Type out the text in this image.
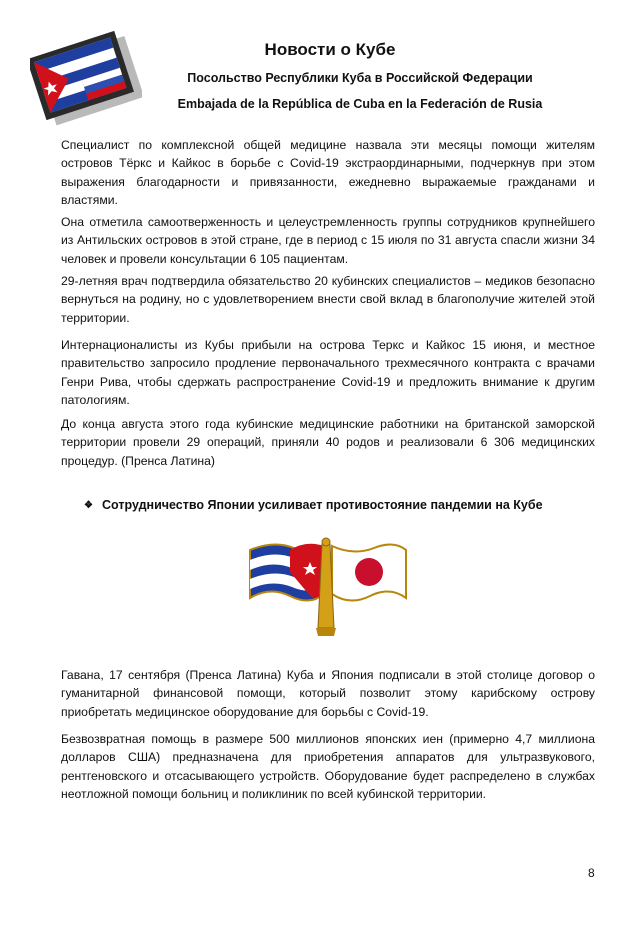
Новости о Кубе

Посольство Республики Куба в Российской Федерации

Embajada de la República de Cuba en la Federación de Rusia

Специалист по комплексной общей медицине назвала эти месяцы помощи жителям островов Тёркс и Кайкос в борьбе с Covid-19 экстраординарными, подчеркнув при этом выражения благодарности и привязанности, ежедневно выражаемые гражданами и властями.

Она отметила самоотверженность и целеустремленность группы сотрудников крупнейшего из Антильских островов в этой стране, где в период с 15 июля по 31 августа спасли жизни 34 человек и провели консультации 6 105 пациентам.

29-летняя врач подтвердила обязательство 20 кубинских специалистов – медиков безопасно вернуться на родину, но с удовлетворением внести свой вклад в благополучие жителей этой территории.

Интернационалисты из Кубы прибыли на острова Теркс и Кайкос 15 июня, и местное правительство запросило продление первоначального трехмесячного контракта с врачами Генри Рива, чтобы сдержать распространение Covid-19 и предложить внимание к другим патологиям.

До конца августа этого года кубинские медицинские работники на британской заморской территории провели 29 операций, приняли 40 родов и реализовали 6 306 медицинских процедур. (Пренса Латина)

❖ Сотрудничество Японии усиливает противостояние пандемии на Кубе

Гавана, 17 сентября (Пренса Латина) Куба и Япония подписали в этой столице договор о гуманитарной финансовой помощи, который позволит этому карибскому острову приобретать медицинское оборудование для борьбы с Covid-19.

Безвозвратная помощь в размере 500 миллионов японских иен (примерно 4,7 миллиона долларов США) предназначена для приобретения аппаратов для ультразвукового, рентгеновского и отсасывающего устройств. Оборудование будет распределено в службах неотложной помощи больниц и поликлиник по всей кубинской территории.

8
